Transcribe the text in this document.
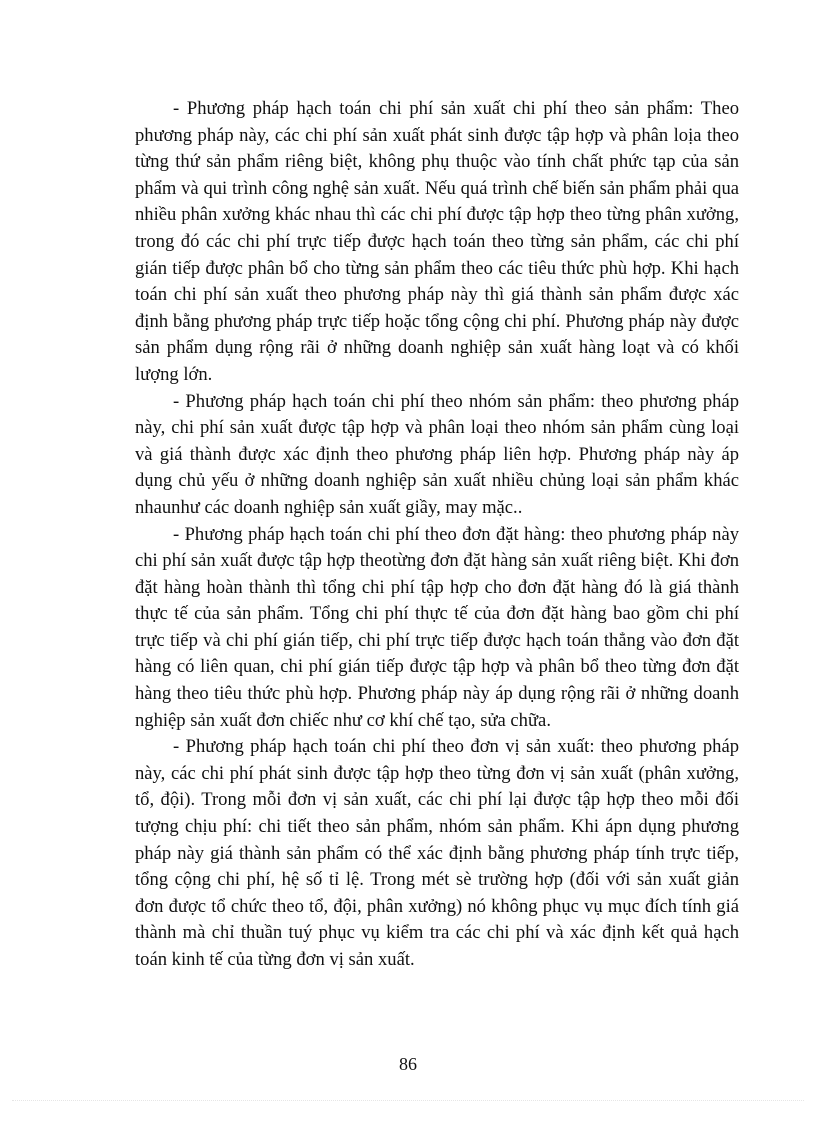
- Phương pháp hạch toán chi phí sản xuất chi phí theo sản phẩm: Theo phương pháp này, các chi phí sản xuất phát sinh được tập hợp và phân loịa theo từng thứ sản phẩm riêng biệt, không phụ thuộc vào tính chất phức tạp của sản phẩm và qui trình công nghệ sản xuất. Nếu quá trình chế biến sản phẩm phải qua nhiều phân xưởng khác nhau thì các chi phí được tập hợp theo từng phân xưởng, trong đó các chi phí trực tiếp được hạch toán theo từng sản phẩm, các chi phí gián tiếp được phân bổ cho từng sản phẩm theo các tiêu thức phù hợp. Khi hạch toán chi phí sản xuất theo phương pháp này thì giá thành sản phẩm được xác định bằng phương pháp trực tiếp hoặc tổng cộng chi phí. Phương pháp này được sản phẩm dụng rộng rãi ở những doanh nghiệp sản xuất hàng loạt và có khối lượng lớn.

- Phương pháp hạch toán chi phí theo nhóm sản phẩm: theo phương pháp này, chi phí sản xuất được tập hợp và phân loại theo nhóm sản phẩm cùng loại và giá thành được xác định theo phương pháp liên hợp. Phương pháp này áp dụng chủ yếu ở những doanh nghiệp sản xuất nhiều chủng loại sản phẩm khác nhaunhư các doanh nghiệp sản xuất giầy, may mặc..

- Phương pháp hạch toán chi phí theo đơn đặt hàng: theo phương pháp này chi phí sản xuất được tập hợp theotừng đơn đặt hàng sản xuất riêng biệt. Khi đơn đặt hàng hoàn thành thì tổng chi phí tập hợp cho đơn đặt hàng đó là giá thành thực tế của sản phẩm. Tổng chi phí thực tế của đơn đặt hàng bao gồm chi phí trực tiếp và chi phí gián tiếp, chi phí trực tiếp được hạch toán thẳng vào đơn đặt hàng có liên quan, chi phí gián tiếp được tập hợp và phân bổ theo từng đơn đặt hàng theo tiêu thức phù hợp. Phương pháp này áp dụng rộng rãi ở những doanh nghiệp sản xuất đơn chiếc như cơ khí chế tạo, sửa chữa.

- Phương pháp hạch toán chi phí theo đơn vị sản xuất: theo phương pháp này, các chi phí phát sinh được tập hợp theo từng đơn vị sản xuất (phân xưởng, tổ, đội). Trong mỗi đơn vị sản xuất, các chi phí lại được tập hợp theo mỗi đối tượng chịu phí: chi tiết theo sản phẩm, nhóm sản phẩm. Khi ápn dụng phương pháp này giá thành sản phẩm có thể xác định bằng phương pháp tính trực tiếp, tổng cộng chi phí, hệ số tỉ lệ. Trong mét sè trường hợp (đối với sản xuất giản đơn được tổ chức theo tổ, đội, phân xưởng) nó không phục vụ mục đích tính giá thành mà chỉ thuần tuý phục vụ kiểm tra các chi phí và xác định kết quả hạch toán kinh tế của từng đơn vị sản xuất.

86
